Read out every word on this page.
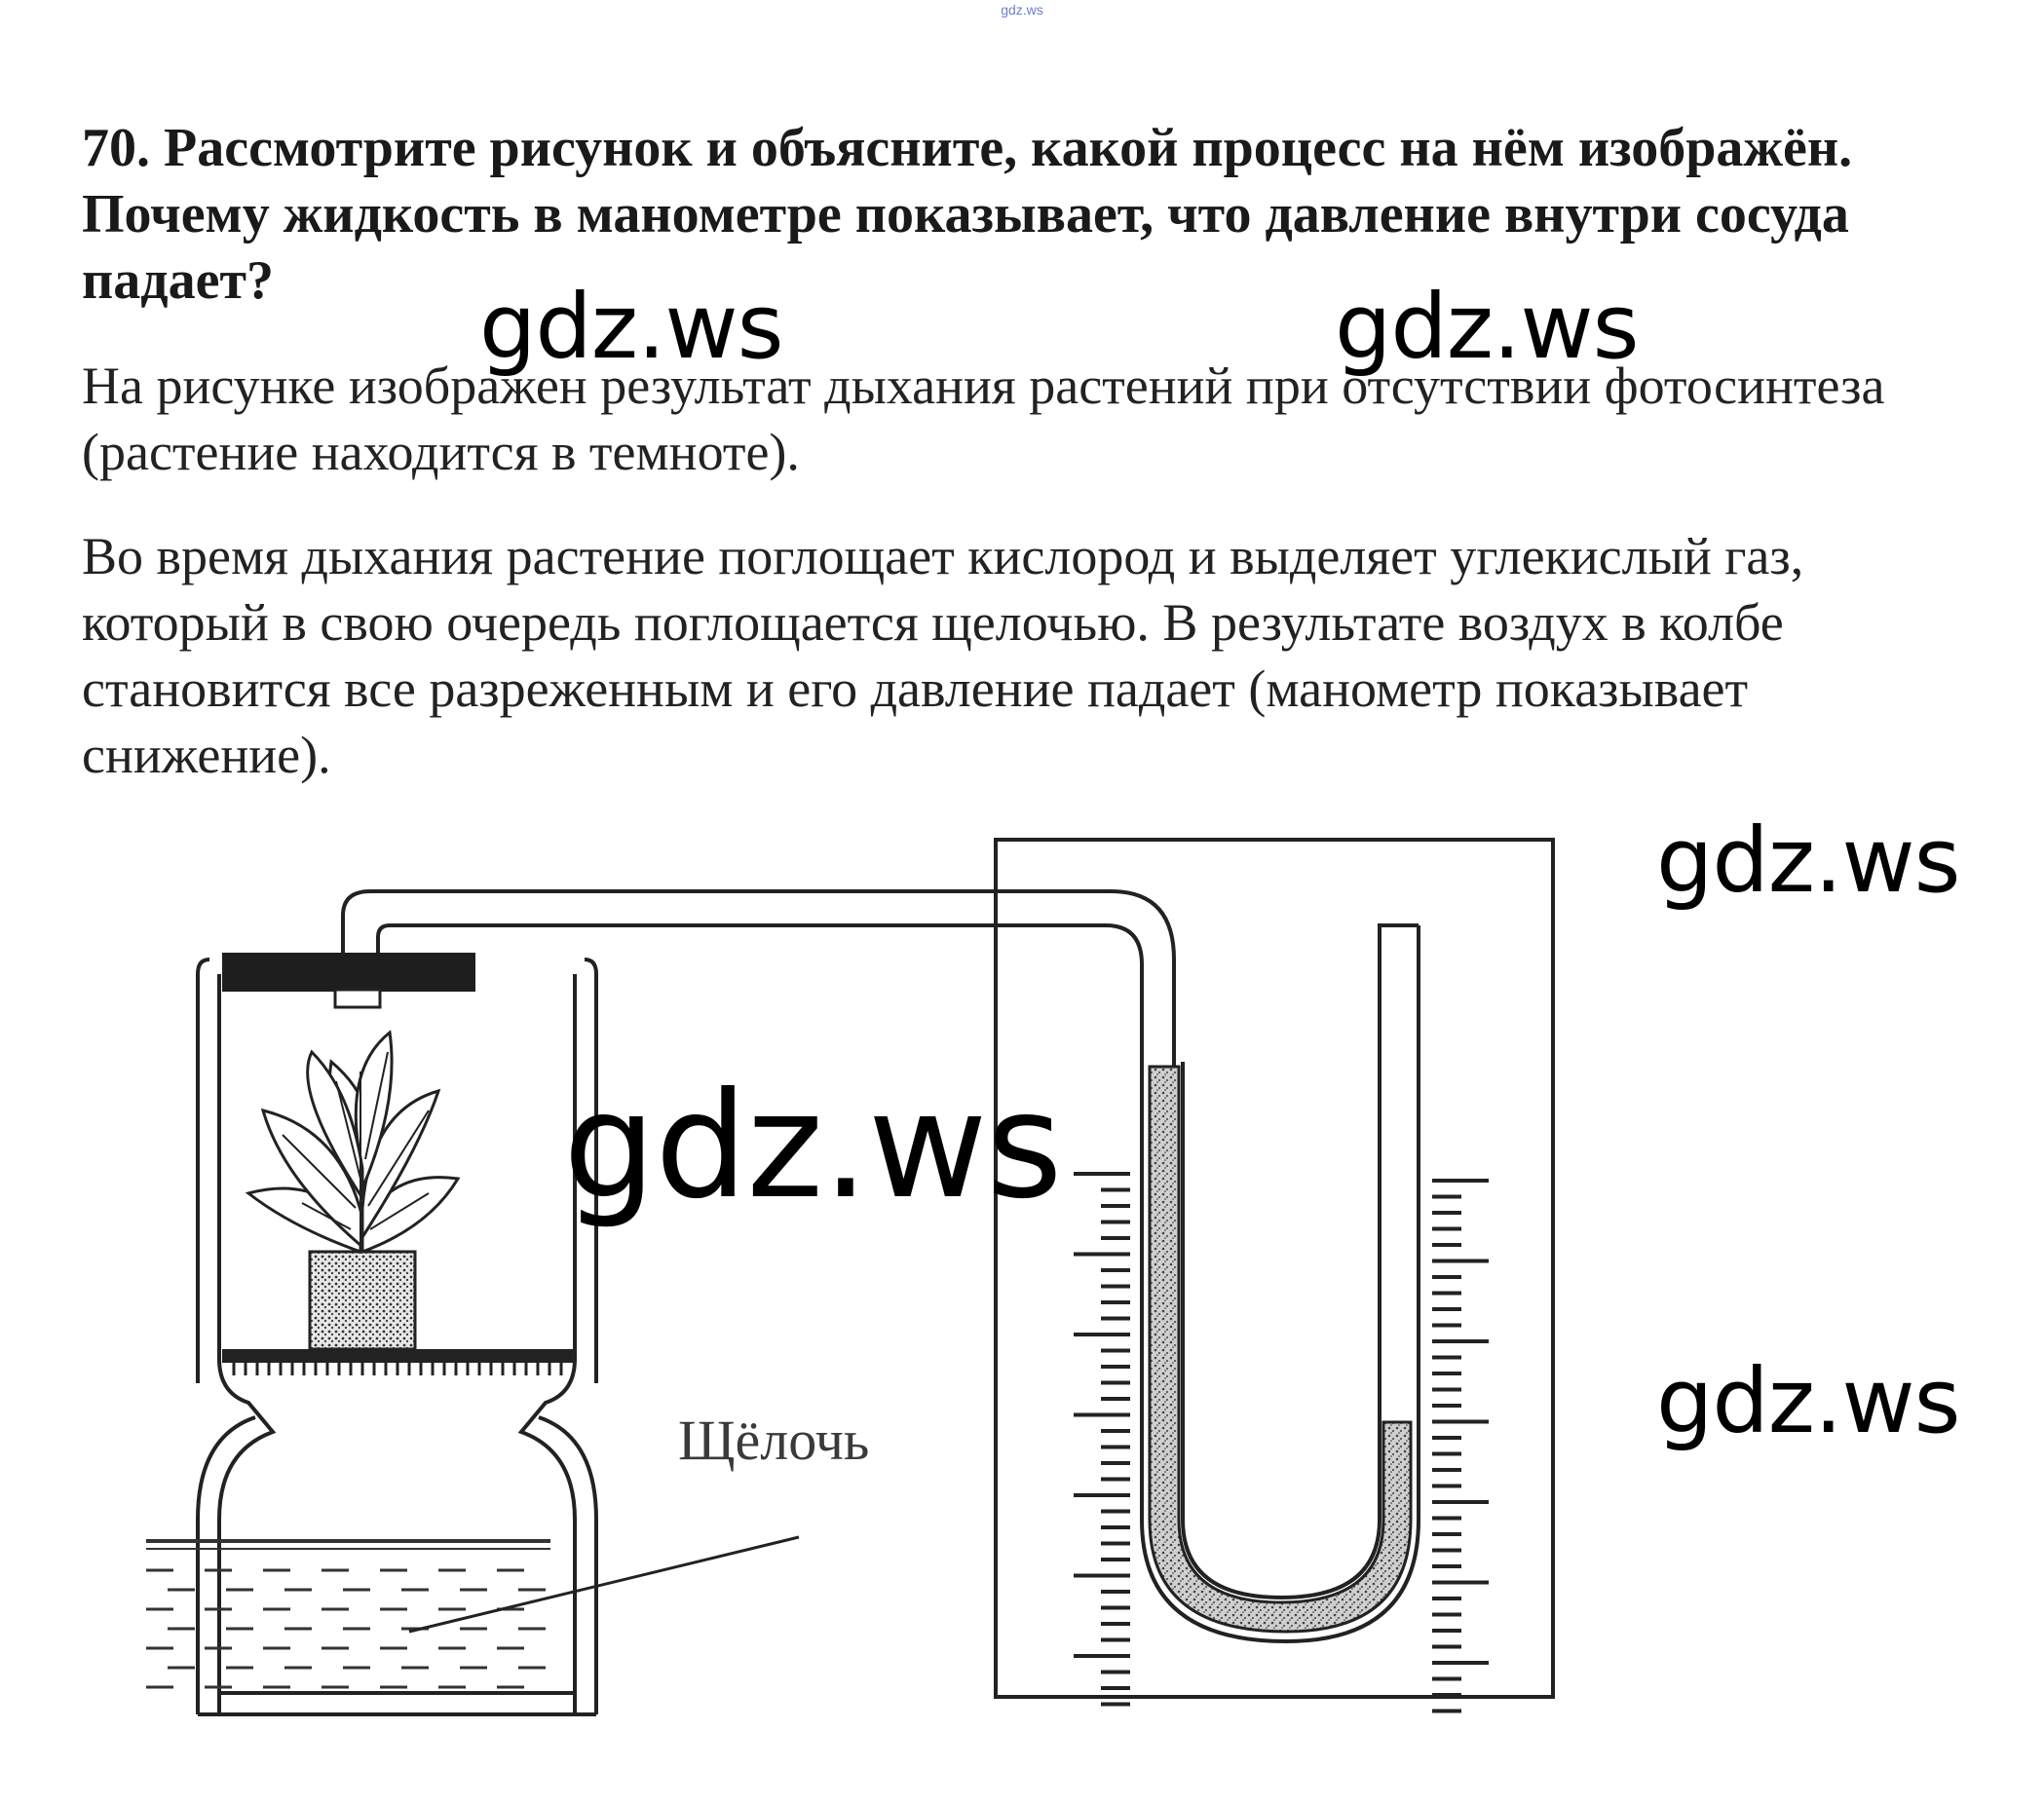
gdz.ws

70. Рассмотрите рисунок и объясните, какой процесс на нём изображён. Почему жидкость в манометре показывает, что давление внутри сосуда падает?

На рисунке изображен результат дыхания растений при отсутствии фотосинтеза (растение находится в темноте).

Во время дыхания растение поглощает кислород и выделяет углекислый газ, который в свою очередь поглощается щелочью. В результате воздух в колбе становится все разреженным и его давление падает (манометр показывает снижение).

Щёлочь
gdz.ws	gdz.ws
gdz.ws
gdz.ws
gdz.ws
